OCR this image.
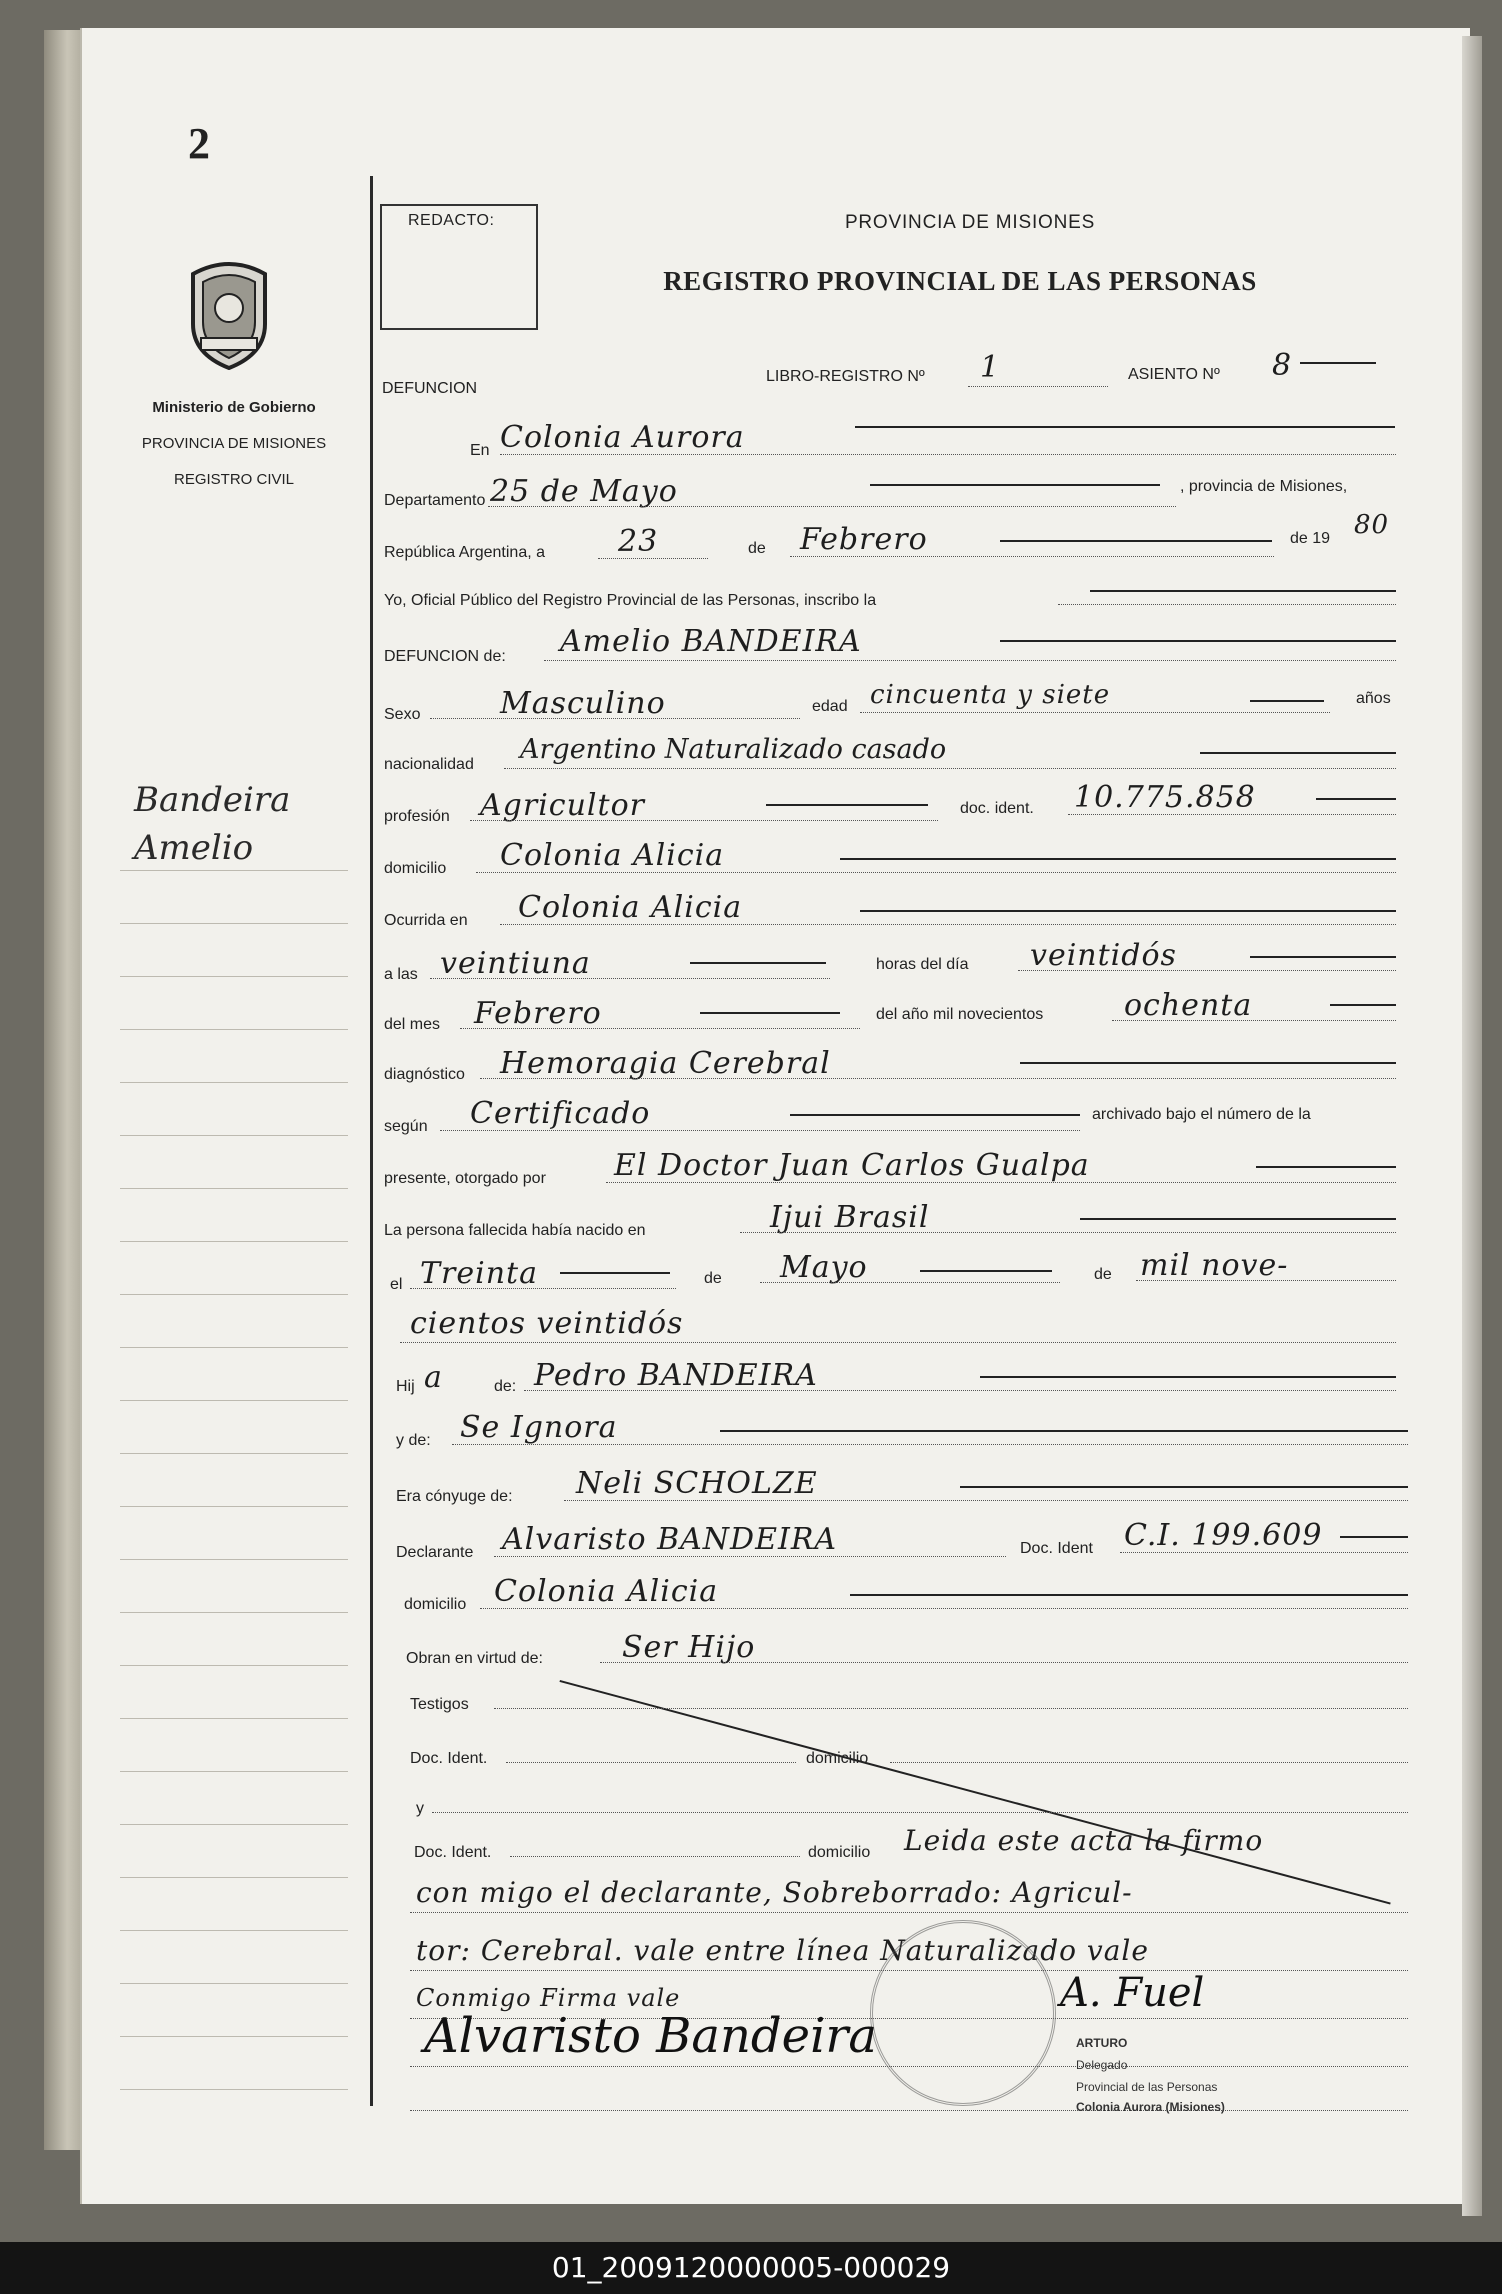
2
REDACTO:	PROVINCIA DE MISIONES
REGISTRO PROVINCIAL DE LAS PERSONAS
Ministerio de Gobierno
PROVINCIA DE MISIONES
REGISTRO CIVIL
Bandeira
Amelio
DEFUNCION
LIBRO-REGISTRO Nº 1	ASIENTO Nº 8
En Colonia Aurora
Departamento 25 de Mayo	, provincia de Misiones,
República Argentina, a 23	de Febrero	de 19 80
Yo, Oficial Público del Registro Provincial de las Personas, inscribo la
DEFUNCION de: Amelio BANDEIRA
Sexo	Masculino	edad cincuenta y siete	años
nacionalidad Argentino Naturalizado casado
profesión Agricultor	doc. ident. 10.775.858
domicilio Colonia Alicia
Ocurrida en Colonia Alicia
a las veintiuna	horas del día veintidós
del mes Febrero	del año mil novecientos	ochenta
diagnóstico Hemoragia Cerebral
según Certificado	archivado bajo el número de la
presente, otorgado por El Doctor Juan Carlos Gualpa
La persona fallecida había nacido en	Ijui Brasil
el Treinta	de Mayo	de mil nove-
cientos veintidós
Hij a	de: Pedro BANDEIRA
y de: Se Ignora
Era cónyuge de: Neli SCHOLZE
Declarante Alvaristo BANDEIRA	Doc. Ident C.I. 199.609
domicilio Colonia Alicia
Obran en virtud de:	Ser Hijo
Testigos
Doc. Ident.	domicilio
y
Doc. Ident.	domicilio Leida este acta la firmo
con migo el declarante, Sobreborrado: Agricul-
tor: Cerebral. vale entre línea Naturalizado vale
Conmigo Firma vale
ARTURO
Delegado
Provincial de las Personas
Colonia Aurora (Misiones)
Alvaristo Bandeira
A. Fuel
01_2009120000005-000029
